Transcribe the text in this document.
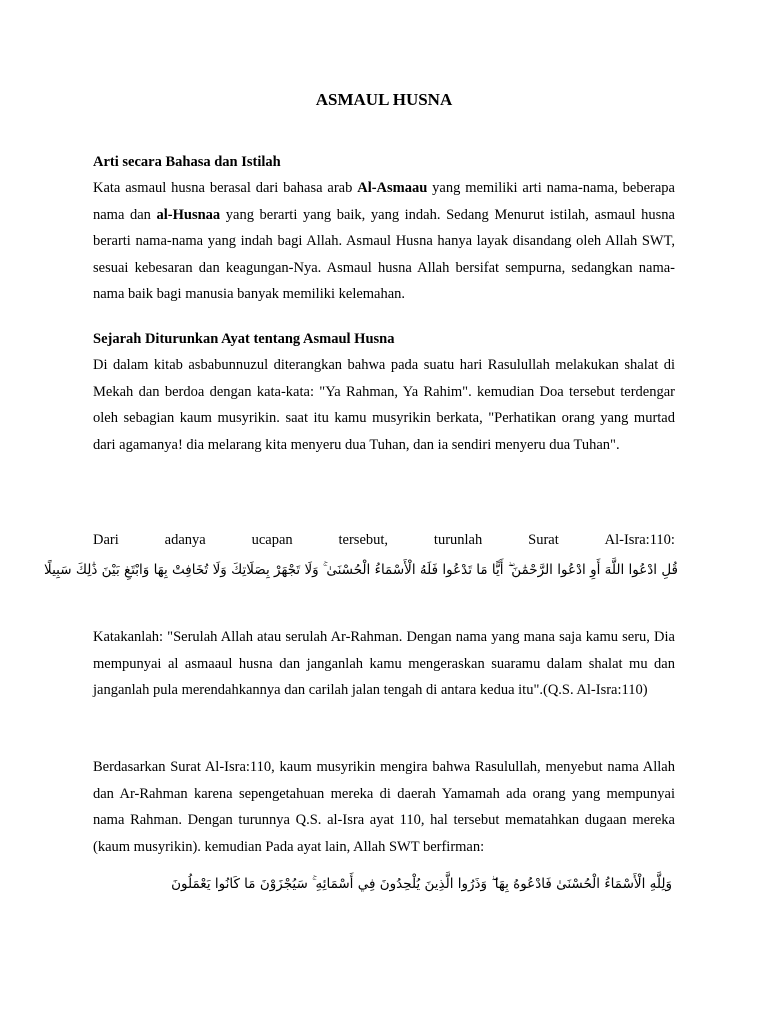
ASMAUL HUSNA

Arti secara Bahasa dan Istilah

Kata asmaul husna berasal dari bahasa arab Al-Asmaau yang memiliki arti nama-nama, beberapa nama dan al-Husnaa yang berarti yang baik, yang indah. Sedang Menurut istilah, asmaul husna berarti nama-nama yang indah bagi Allah. Asmaul Husna hanya layak disandang oleh Allah SWT, sesuai kebesaran dan keagungan-Nya. Asmaul husna Allah bersifat sempurna, sedangkan nama-nama baik bagi manusia banyak memiliki kelemahan.

Sejarah Diturunkan Ayat tentang Asmaul Husna

Di dalam kitab asbabunnuzul diterangkan bahwa pada suatu hari Rasulullah melakukan shalat di Mekah dan berdoa dengan kata-kata: "Ya Rahman, Ya Rahim". kemudian Doa tersebut terdengar oleh sebagian kaum musyrikin. saat itu kamu musyrikin berkata, "Perhatikan orang yang murtad dari agamanya! dia melarang kita menyeru dua Tuhan, dan ia sendiri menyeru dua Tuhan".

Dari	adanya	ucapan	tersebut,	turunlah	Surat	Al-Isra:110:
قُلِ ادْعُوا اللَّهَ أَوِ ادْعُوا الرَّحْمَٰنَ ۖ أَيًّا مَا تَدْعُوا فَلَهُ الْأَسْمَاءُ الْحُسْنَىٰ ۚ وَلَا تَجْهَرْ بِصَلَاتِكَ وَلَا تُخَافِتْ بِهَا وَابْتَغِ بَيْنَ ذَٰلِكَ سَبِيلًا

Katakanlah: "Serulah Allah atau serulah Ar-Rahman. Dengan nama yang mana saja kamu seru, Dia mempunyai al asmaaul husna dan janganlah kamu mengeraskan suaramu dalam shalat mu dan janganlah pula merendahkannya dan carilah jalan tengah di antara kedua itu".(Q.S. Al-Isra:110)

Berdasarkan Surat Al-Isra:110, kaum musyrikin mengira bahwa Rasulullah, menyebut nama Allah dan Ar-Rahman karena sepengetahuan mereka di daerah Yamamah ada orang yang mempunyai nama Rahman. Dengan turunnya Q.S. al-Isra ayat 110, hal tersebut mematahkan dugaan mereka (kaum musyrikin). kemudian Pada ayat lain, Allah SWT berfirman:

وَلِلَّهِ الْأَسْمَاءُ الْحُسْنَىٰ فَادْعُوهُ بِهَا ۖ وَذَرُوا الَّذِينَ يُلْحِدُونَ فِي أَسْمَائِهِ ۚ سَيُجْزَوْنَ مَا كَانُوا يَعْمَلُونَ
